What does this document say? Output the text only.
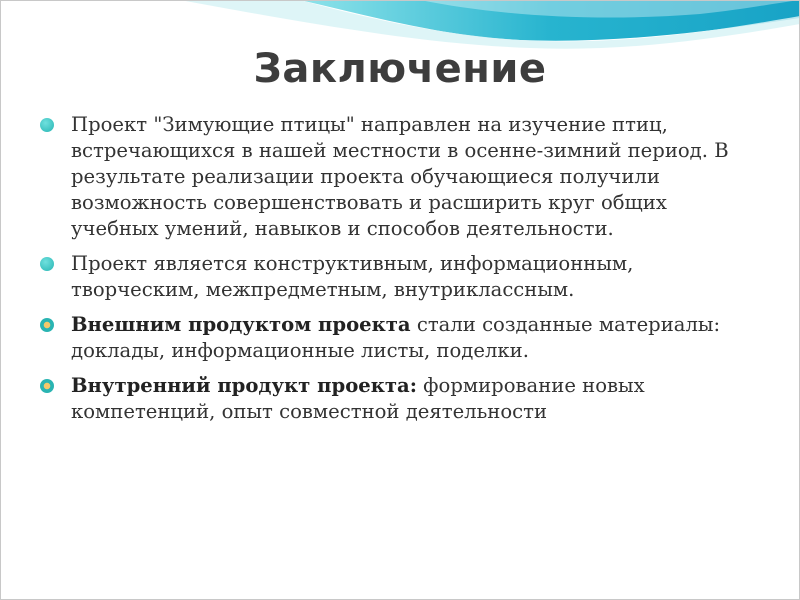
Заключение
Проект "Зимующие птицы" направлен на изучение птиц, встречающихся в нашей местности в осенне-зимний период. В результате реализации проекта обучающиеся получили возможность совершенствовать и расширить круг общих учебных умений, навыков и способов деятельности.
Проект является конструктивным, информационным, творческим, межпредметным, внутриклассным.
Внешним продуктом проекта стали созданные материалы: доклады, информационные листы, поделки.
Внутренний продукт проекта: формирование новых компетенций, опыт совместной деятельности
